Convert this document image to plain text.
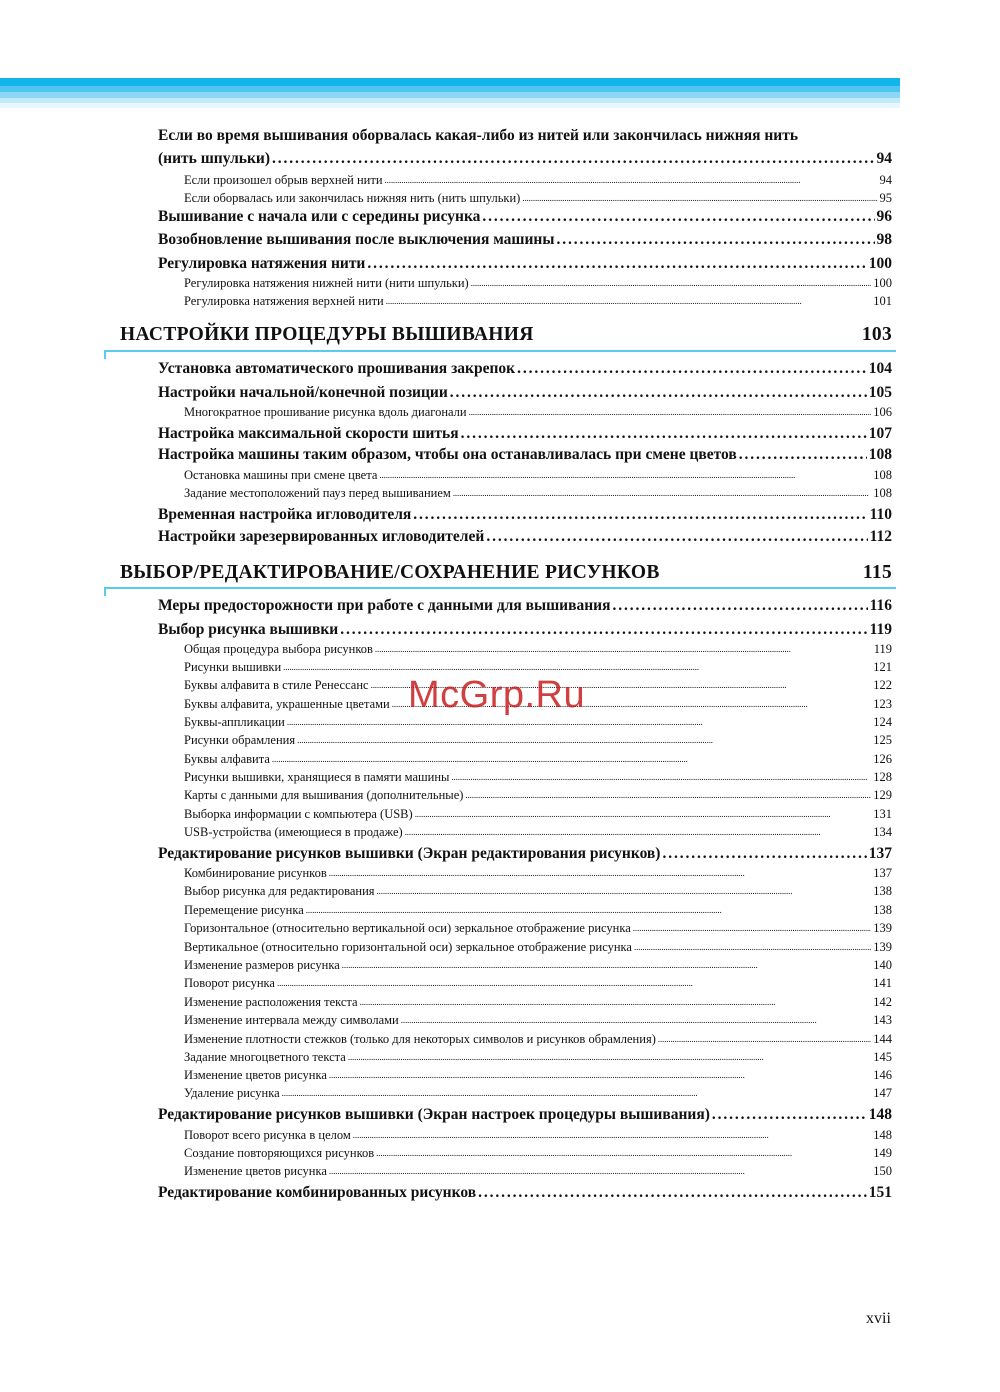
Если во время вышивания оборвалась какая-либо из нитей или закончилась нижняя нить
(нить шпульки) . . .	94
Если произошел обрыв верхней нити . . .	94
Если оборвалась или закончилась нижняя нить (нить шпульки) . . .	95
Вышивание с начала или с середины рисунка . . .	96
Возобновление вышивания после выключения машины . . .	98
Регулировка натяжения нити . . .	100
Регулировка натяжения нижней нити (нити шпульки) . . .	100
Регулировка натяжения верхней нити . . .	101
НАСТРОЙКИ ПРОЦЕДУРЫ ВЫШИВАНИЯ	103
Установка автоматического прошивания закрепок . . .	104
Настройки начальной/конечной позиции . . .	105
Многократное прошивание рисунка вдоль диагонали . . .	106
Настройка максимальной скорости шитья . . .	107
Настройка машины таким образом, чтобы она останавливалась при смене цветов . . .	108
Остановка машины при смене цвета . . .	108
Задание местоположений пауз перед вышиванием . . .	108
Временная настройка игловодителя . . .	110
Настройки зарезервированных игловодителей . . .	112
ВЫБОР/РЕДАКТИРОВАНИЕ/СОХРАНЕНИЕ РИСУНКОВ	115
Меры предосторожности при работе с данными для вышивания . . .	116
Выбор рисунка вышивки . . .	119
Общая процедура выбора рисунков . . .	119
Рисунки вышивки . . .	121
Буквы алфавита в стиле Ренессанс . . .	122
Буквы алфавита, украшенные цветами . . .	123
Буквы-аппликации . . .	124
Рисунки обрамления . . .	125
Буквы алфавита . . .	126
Рисунки вышивки, хранящиеся в памяти машины . . .	128
Карты с данными для вышивания (дополнительные) . . .	129
Выборка информации с компьютера (USB) . . .	131
USB-устройства (имеющиеся в продаже) . . .	134
Редактирование рисунков вышивки (Экран редактирования рисунков) . . .	137
Комбинирование рисунков . . .	137
Выбор рисунка для редактирования . . .	138
Перемещение рисунка . . .	138
Горизонтальное (относительно вертикальной оси) зеркальное отображение рисунка . . .	139
Вертикальное (относительно горизонтальной оси) зеркальное отображение рисунка . . .	139
Изменение размеров рисунка . . .	140
Поворот рисунка . . .	141
Изменение расположения текста . . .	142
Изменение интервала между символами . . .	143
Изменение плотности стежков (только для некоторых символов и рисунков обрамления) . . .	144
Задание многоцветного текста . . .	145
Изменение цветов рисунка . . .	146
Удаление рисунка . . .	147
Редактирование рисунков вышивки (Экран настроек процедуры вышивания) . . .	148
Поворот всего рисунка в целом . . .	148
Создание повторяющихся рисунков . . .	149
Изменение цветов рисунка . . .	150
Редактирование комбинированных рисунков . . .	151
McGrp.Ru
xvii
